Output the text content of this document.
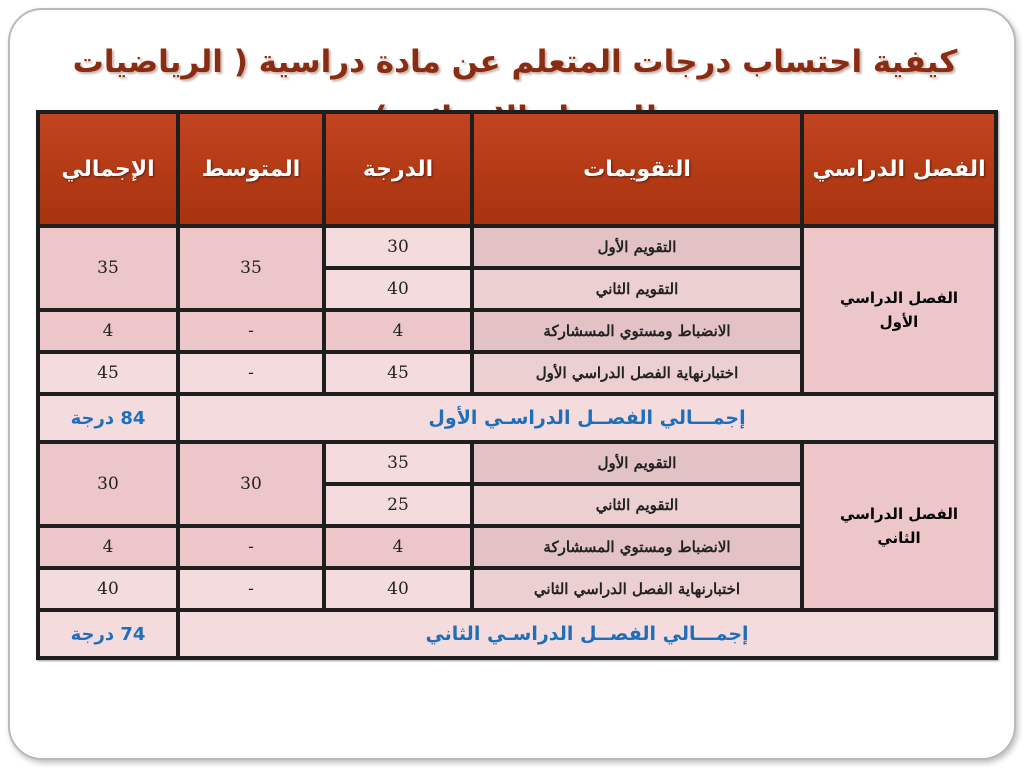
كيفية احتساب درجات المتعلم عن مادة دراسية ( الرياضيات
الفصل الدراسي	التقويمات	الدرجة	المتوسط	الإجمالي
الفصل الدراسي الأول	التقويم الأول	30	35	35
	التقويم الثاني	40		
	الانضباط ومستوي المسشاركة	4	-	4
	اختبارنهاية الفصل الدراسي الأول	45	-	45
إجمـــالي الفصــل الدراسـي الأول				84 درجة
الفصل الدراسي الثاني	التقويم الأول	35	30	30
	التقويم الثاني	25		
	الانضباط ومستوي المسشاركة	4	-	4
	اختبارنهاية الفصل الدراسي الثاني	40	-	40
إجمـــالي الفصــل الدراسـي الثاني				74 درجة
